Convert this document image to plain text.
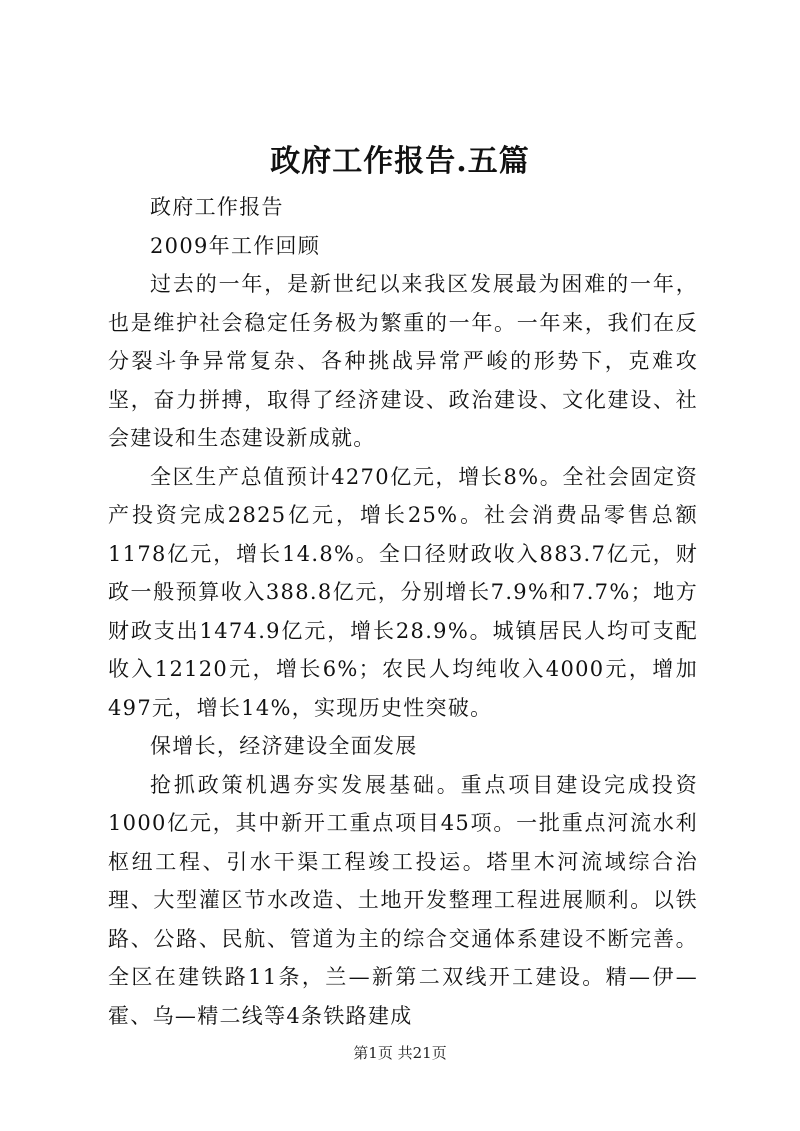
政府工作报告.五篇

政府工作报告

2009年工作回顾

过去的一年，是新世纪以来我区发展最为困难的一年，也是维护社会稳定任务极为繁重的一年。一年来，我们在反分裂斗争异常复杂、各种挑战异常严峻的形势下，克难攻坚，奋力拼搏，取得了经济建设、政治建设、文化建设、社会建设和生态建设新成就。

全区生产总值预计4270亿元，增长8%。全社会固定资产投资完成2825亿元，增长25%。社会消费品零售总额1178亿元，增长14.8%。全口径财政收入883.7亿元，财政一般预算收入388.8亿元，分别增长7.9%和7.7%；地方财政支出1474.9亿元，增长28.9%。城镇居民人均可支配收入12120元，增长6%；农民人均纯收入4000元，增加497元，增长14%，实现历史性突破。

保增长，经济建设全面发展

抢抓政策机遇夯实发展基础。重点项目建设完成投资1000亿元，其中新开工重点项目45项。一批重点河流水利枢纽工程、引水干渠工程竣工投运。塔里木河流域综合治理、大型灌区节水改造、土地开发整理工程进展顺利。以铁路、公路、民航、管道为主的综合交通体系建设不断完善。全区在建铁路11条，兰—新第二双线开工建设。精—伊—霍、乌—精二线等4条铁路建成

第1页 共21页
